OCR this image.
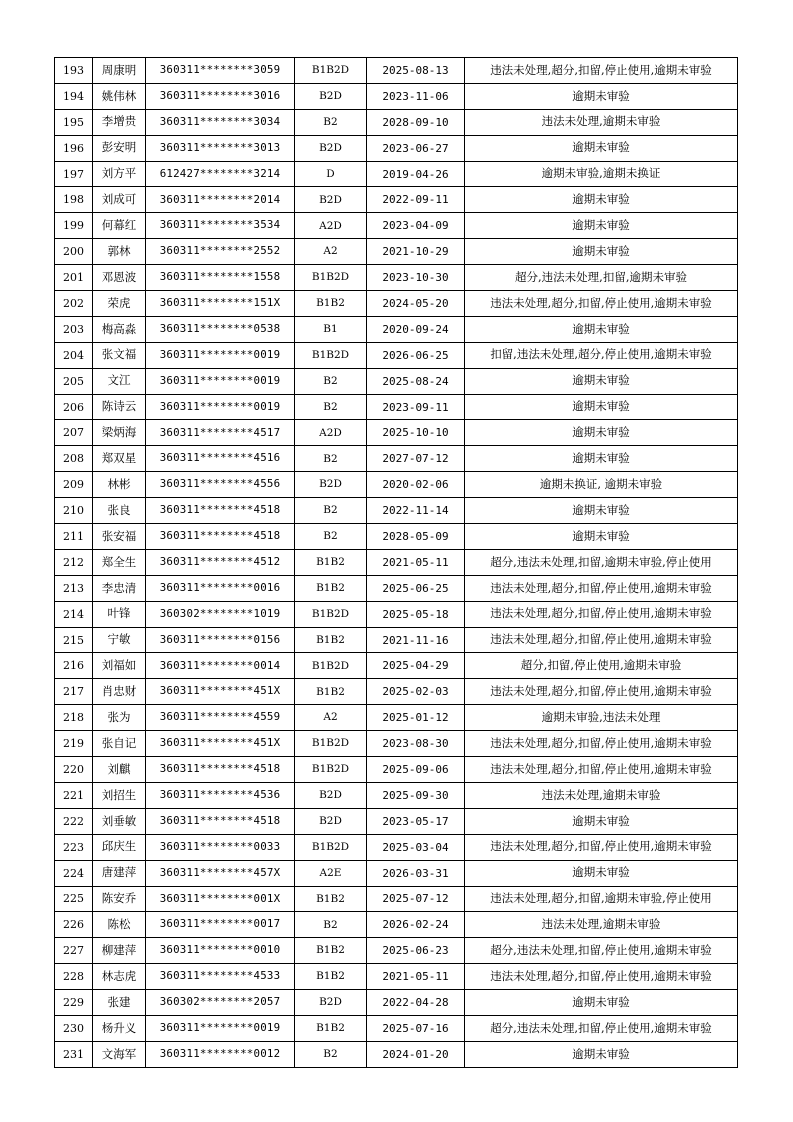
193	周康明	360311********3059	B1B2D	2025-08-13	违法未处理,超分,扣留,停止使用,逾期未审验
194	姚伟林	360311********3016	B2D	2023-11-06	逾期未审验
195	李增贵	360311********3034	B2	2028-09-10	违法未处理,逾期未审验
196	彭安明	360311********3013	B2D	2023-06-27	逾期未审验
197	刘方平	612427********3214	D	2019-04-26	逾期未审验,逾期未换证
198	刘成可	360311********2014	B2D	2022-09-11	逾期未审验
199	何幕红	360311********3534	A2D	2023-04-09	逾期未审验
200	郭林	360311********2552	A2	2021-10-29	逾期未审验
201	邓恩波	360311********1558	B1B2D	2023-10-30	超分,违法未处理,扣留,逾期未审验
202	荣虎	360311********151X	B1B2	2024-05-20	违法未处理,超分,扣留,停止使用,逾期未审验
203	梅高淼	360311********0538	B1	2020-09-24	逾期未审验
204	张文福	360311********0019	B1B2D	2026-06-25	扣留,违法未处理,超分,停止使用,逾期未审验
205	文江	360311********0019	B2	2025-08-24	逾期未审验
206	陈诗云	360311********0019	B2	2023-09-11	逾期未审验
207	梁炳海	360311********4517	A2D	2025-10-10	逾期未审验
208	郑双星	360311********4516	B2	2027-07-12	逾期未审验
209	林彬	360311********4556	B2D	2020-02-06	逾期未换证, 逾期未审验
210	张良	360311********4518	B2	2022-11-14	逾期未审验
211	张安福	360311********4518	B2	2028-05-09	逾期未审验
212	郑全生	360311********4512	B1B2	2021-05-11	超分,违法未处理,扣留,逾期未审验,停止使用
213	李忠清	360311********0016	B1B2	2025-06-25	违法未处理,超分,扣留,停止使用,逾期未审验
214	叶锋	360302********1019	B1B2D	2025-05-18	违法未处理,超分,扣留,停止使用,逾期未审验
215	宁敏	360311********0156	B1B2	2021-11-16	违法未处理,超分,扣留,停止使用,逾期未审验
216	刘福如	360311********0014	B1B2D	2025-04-29	超分,扣留,停止使用,逾期未审验
217	肖忠财	360311********451X	B1B2	2025-02-03	违法未处理,超分,扣留,停止使用,逾期未审验
218	张为	360311********4559	A2	2025-01-12	逾期未审验,违法未处理
219	张自记	360311********451X	B1B2D	2023-08-30	违法未处理,超分,扣留,停止使用,逾期未审验
220	刘麒	360311********4518	B1B2D	2025-09-06	违法未处理,超分,扣留,停止使用,逾期未审验
221	刘招生	360311********4536	B2D	2025-09-30	违法未处理,逾期未审验
222	刘垂敏	360311********4518	B2D	2023-05-17	逾期未审验
223	邱庆生	360311********0033	B1B2D	2025-03-04	违法未处理,超分,扣留,停止使用,逾期未审验
224	唐建萍	360311********457X	A2E	2026-03-31	逾期未审验
225	陈安乔	360311********001X	B1B2	2025-07-12	违法未处理,超分,扣留,逾期未审验,停止使用
226	陈松	360311********0017	B2	2026-02-24	违法未处理,逾期未审验
227	柳建萍	360311********0010	B1B2	2025-06-23	超分,违法未处理,扣留,停止使用,逾期未审验
228	林志虎	360311********4533	B1B2	2021-05-11	违法未处理,超分,扣留,停止使用,逾期未审验
229	张建	360302********2057	B2D	2022-04-28	逾期未审验
230	杨升义	360311********0019	B1B2	2025-07-16	超分,违法未处理,扣留,停止使用,逾期未审验
231	文海军	360311********0012	B2	2024-01-20	逾期未审验
